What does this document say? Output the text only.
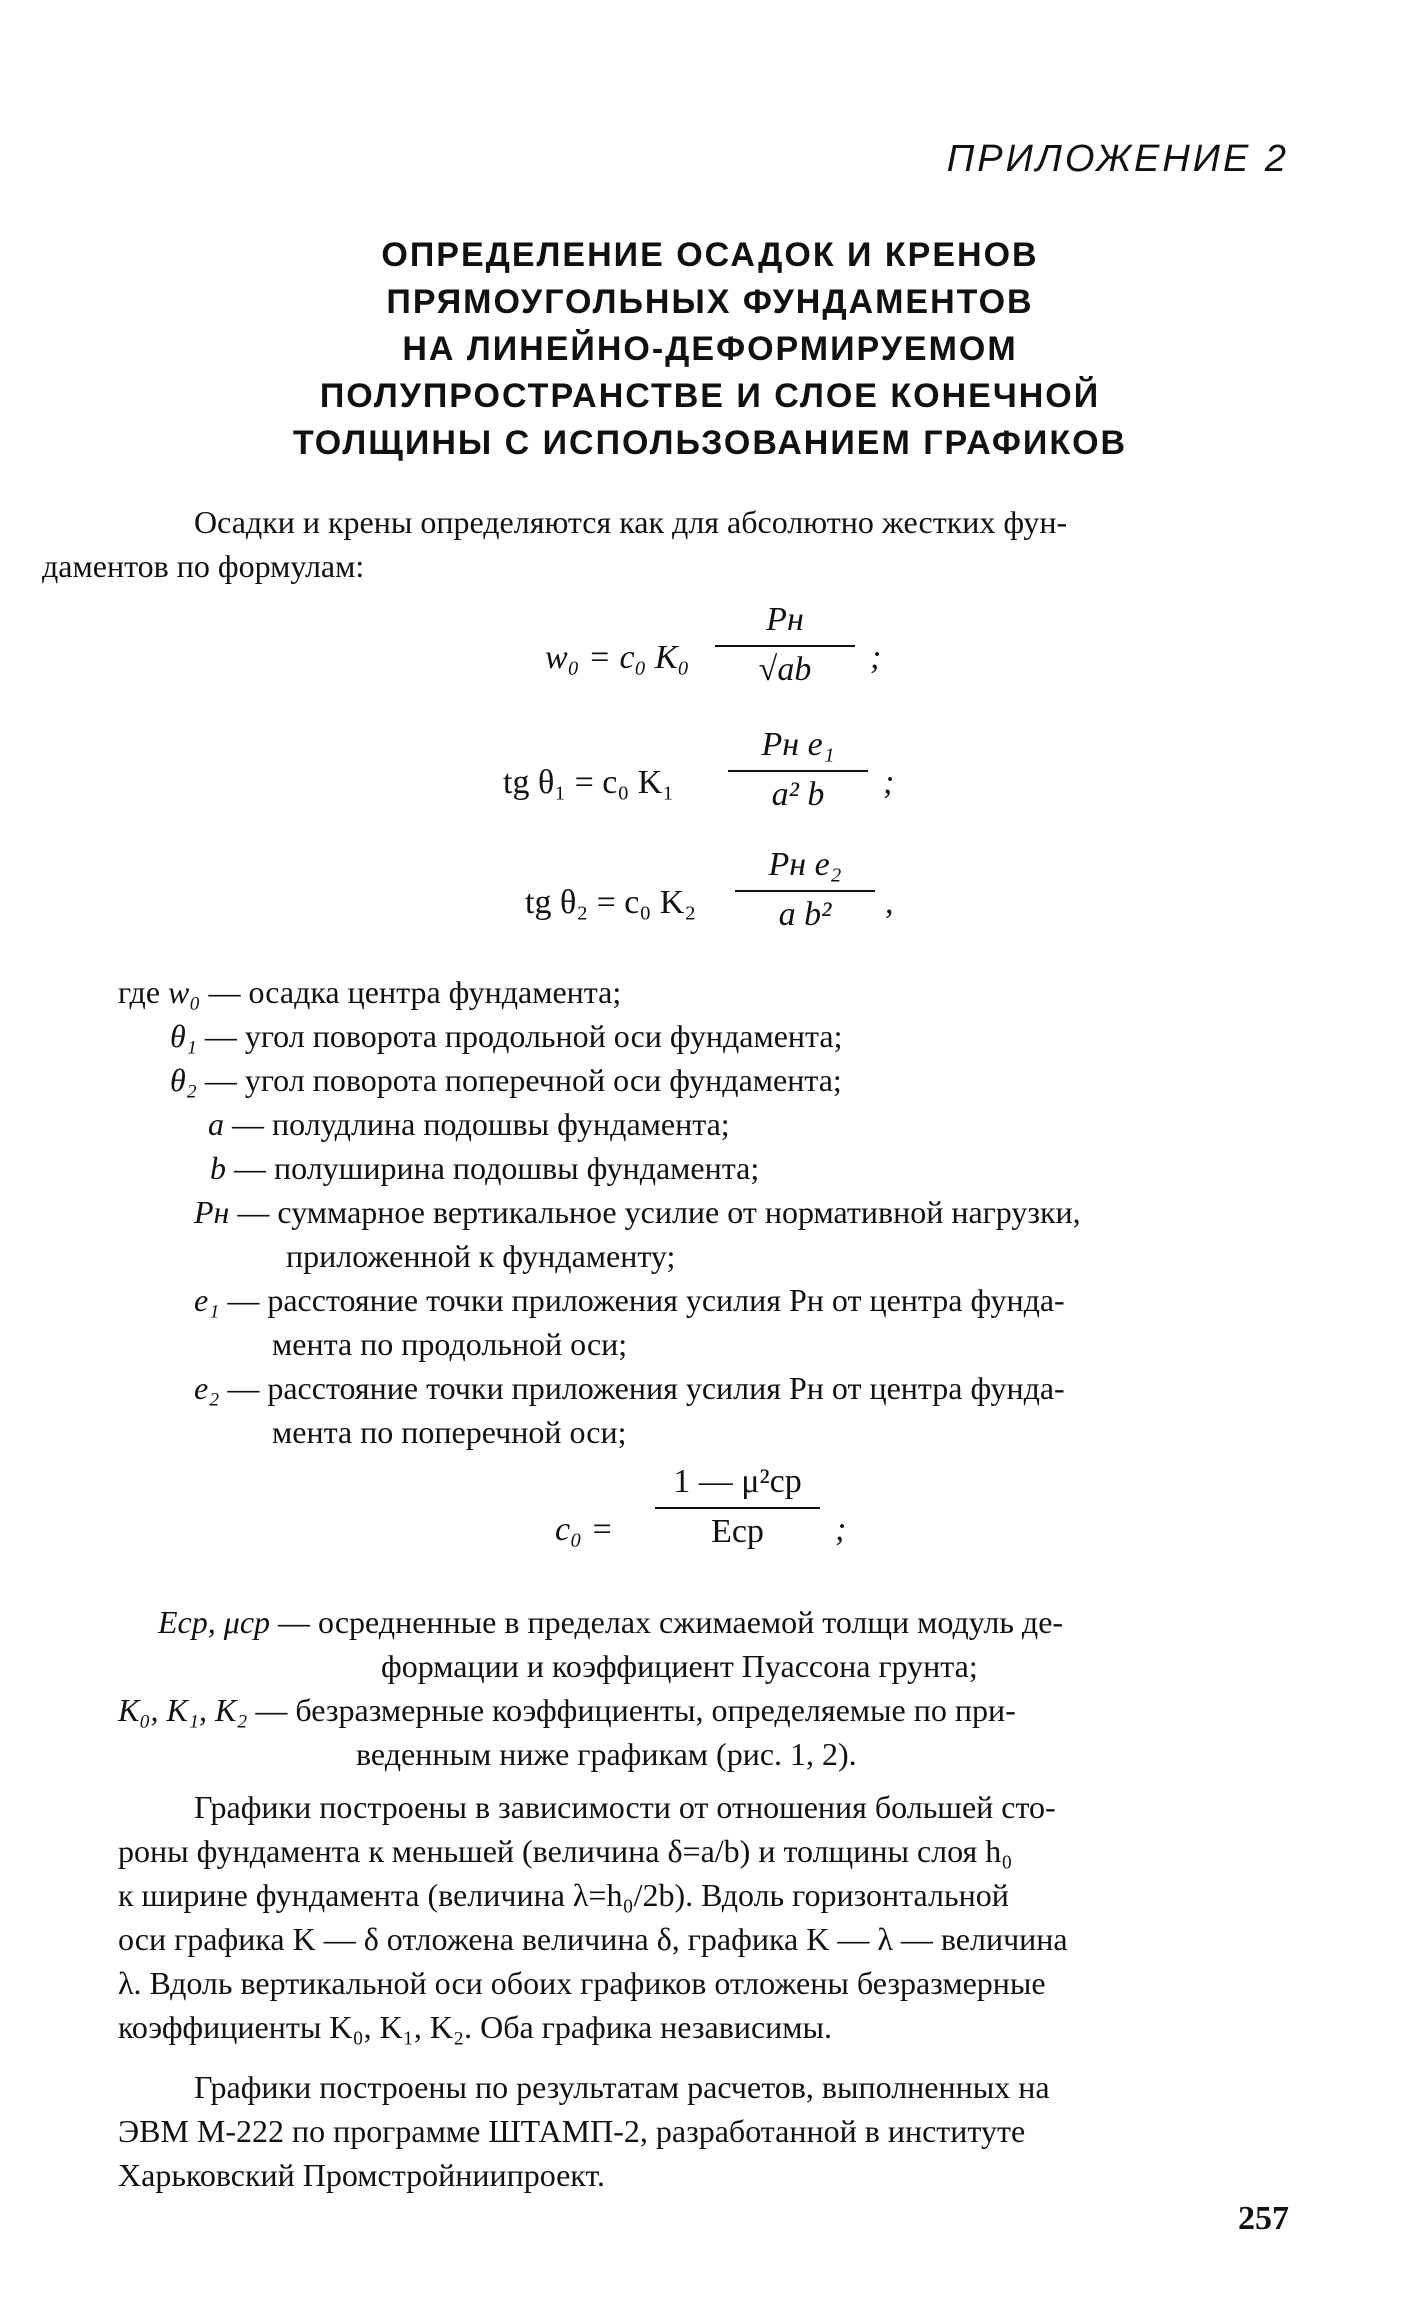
ПРИЛОЖЕНИЕ 2
ОПРЕДЕЛЕНИЕ ОСАДОК И КРЕНОВ
ПРЯМОУГОЛЬНЫХ ФУНДАМЕНТОВ
НА ЛИНЕЙНО-ДЕФОРМИРУЕМОМ
ПОЛУПРОСТРАНСТВЕ И СЛОЕ КОНЕЧНОЙ
ТОЛЩИНЫ С ИСПОЛЬЗОВАНИЕМ ГРАФИКОВ
Осадки и крены определяются как для абсолютно жестких фун-
даментов по формулам:
w₀ = c₀ K₀
Pн
√ab	;
tg θ₁ = c₀ K₁
Pн e₁
a² b	;
tg θ₂ = c₀ K₂
Pн e₂
a b²	,
где w₀ — осадка центра фундамента;
θ₁ — угол поворота продольной оси фундамента;
θ₂ — угол поворота поперечной оси фундамента;
a — полудлина подошвы фундамента;
b — полуширина подошвы фундамента;
Pн — суммарное вертикальное усилие от нормативной нагрузки,
приложенной к фундаменту;
e₁ — расстояние точки приложения усилия Pн от центра фунда-
мента по продольной оси;
e₂ — расстояние точки приложения усилия Pн от центра фунда-
мента по поперечной оси;
c₀ =
1 — μ²ср
Eср	;
Eср, μср — осредненные в пределах сжимаемой толщи модуль де-
формации и коэффициент Пуассона грунта;
K₀, K₁, K₂ — безразмерные коэффициенты, определяемые по при-
веденным ниже графикам (рис. 1, 2).
Графики построены в зависимости от отношения большей сто-
роны фундамента к меньшей (величина δ=a/b) и толщины слоя h₀
к ширине фундамента (величина λ=h₀/2b). Вдоль горизонтальной
оси графика K — δ отложена величина δ, графика K — λ — величина
λ. Вдоль вертикальной оси обоих графиков отложены безразмерные
коэффициенты K₀, K₁, K₂. Оба графика независимы.
Графики построены по результатам расчетов, выполненных на
ЭВМ М-222 по программе ШТАМП-2, разработанной в институте
Харьковский Промстройниипроект.
257
